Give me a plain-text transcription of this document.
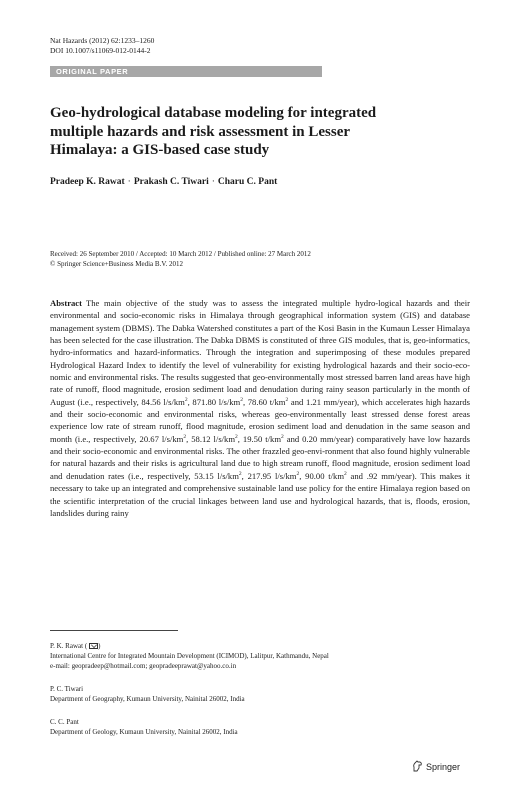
Nat Hazards (2012) 62:1233–1260
DOI 10.1007/s11069-012-0144-2
ORIGINAL PAPER
Geo-hydrological database modeling for integrated
multiple hazards and risk assessment in Lesser
Himalaya: a GIS-based case study
Pradeep K. Rawat · Prakash C. Tiwari · Charu C. Pant
Received: 26 September 2010 / Accepted: 10 March 2012 / Published online: 27 March 2012
© Springer Science+Business Media B.V. 2012
Abstract The main objective of the study was to assess the integrated multiple hydro-logical hazards and their environmental and socio-economic risks in Himalaya through geographical information system (GIS) and database management system (DBMS). The Dabka Watershed constitutes a part of the Kosi Basin in the Kumaun Lesser Himalaya has been selected for the case illustration. The Dabka DBMS is constituted of three GIS modules, that is, geo-informatics, hydro-informatics and hazard-informatics. Through the integration and superimposing of these modules prepared Hydrological Hazard Index to identify the level of vulnerability for existing hydrological hazards and their socio-eco-nomic and environmental risks. The results suggested that geo-environmentally most stressed barren land areas have high rate of runoff, flood magnitude, erosion sediment load and denudation during rainy season particularly in the month of August (i.e., respectively, 84.56 $l/s/km^2$, 871.80 $l/s/km^2$, 78.60 $t/km^2$ and 1.21 mm/year), which accelerates high hazards and their socio-economic and environmental risks, whereas geo-environmentally least stressed dense forest areas experience low rate of stream runoff, flood magnitude, erosion sediment load and denudation in the same season and month (i.e., respectively, 20.67 $l/s/km^2$, 58.12 $l/s/km^2$, 19.50 $t/km^2$ and 0.20 mm/year) comparatively have low hazards and their socio-economic and environmental risks. The other frazzled geo-envi-ronment that also found highly vulnerable for natural hazards and their risks is agricultural land due to high stream runoff, flood magnitude, erosion sediment load and denudation rates (i.e., respectively, 53.15 $l/s/km^2$, 217.95 $l/s/km^2$, 90.00 $t/km^2$ and .92 mm/year). This makes it necessary to take up an integrated and comprehensive sustainable land use policy for the entire Himalaya region based on the scientific interpretation of the crucial linkages between land use and hydrological hazards, that is, floods, erosion, landslides during rainy
P. K. Rawat ( )
International Centre for Integrated Mountain Development (ICIMOD), Lalitpur, Kathmandu, Nepal
e-mail: geopradeep@hotmail.com; geopradeeprawat@yahoo.co.in
P. C. Tiwari
Department of Geography, Kumaun University, Nainital 26002, India
C. C. Pant
Department of Geology, Kumaun University, Nainital 26002, India
Springer
